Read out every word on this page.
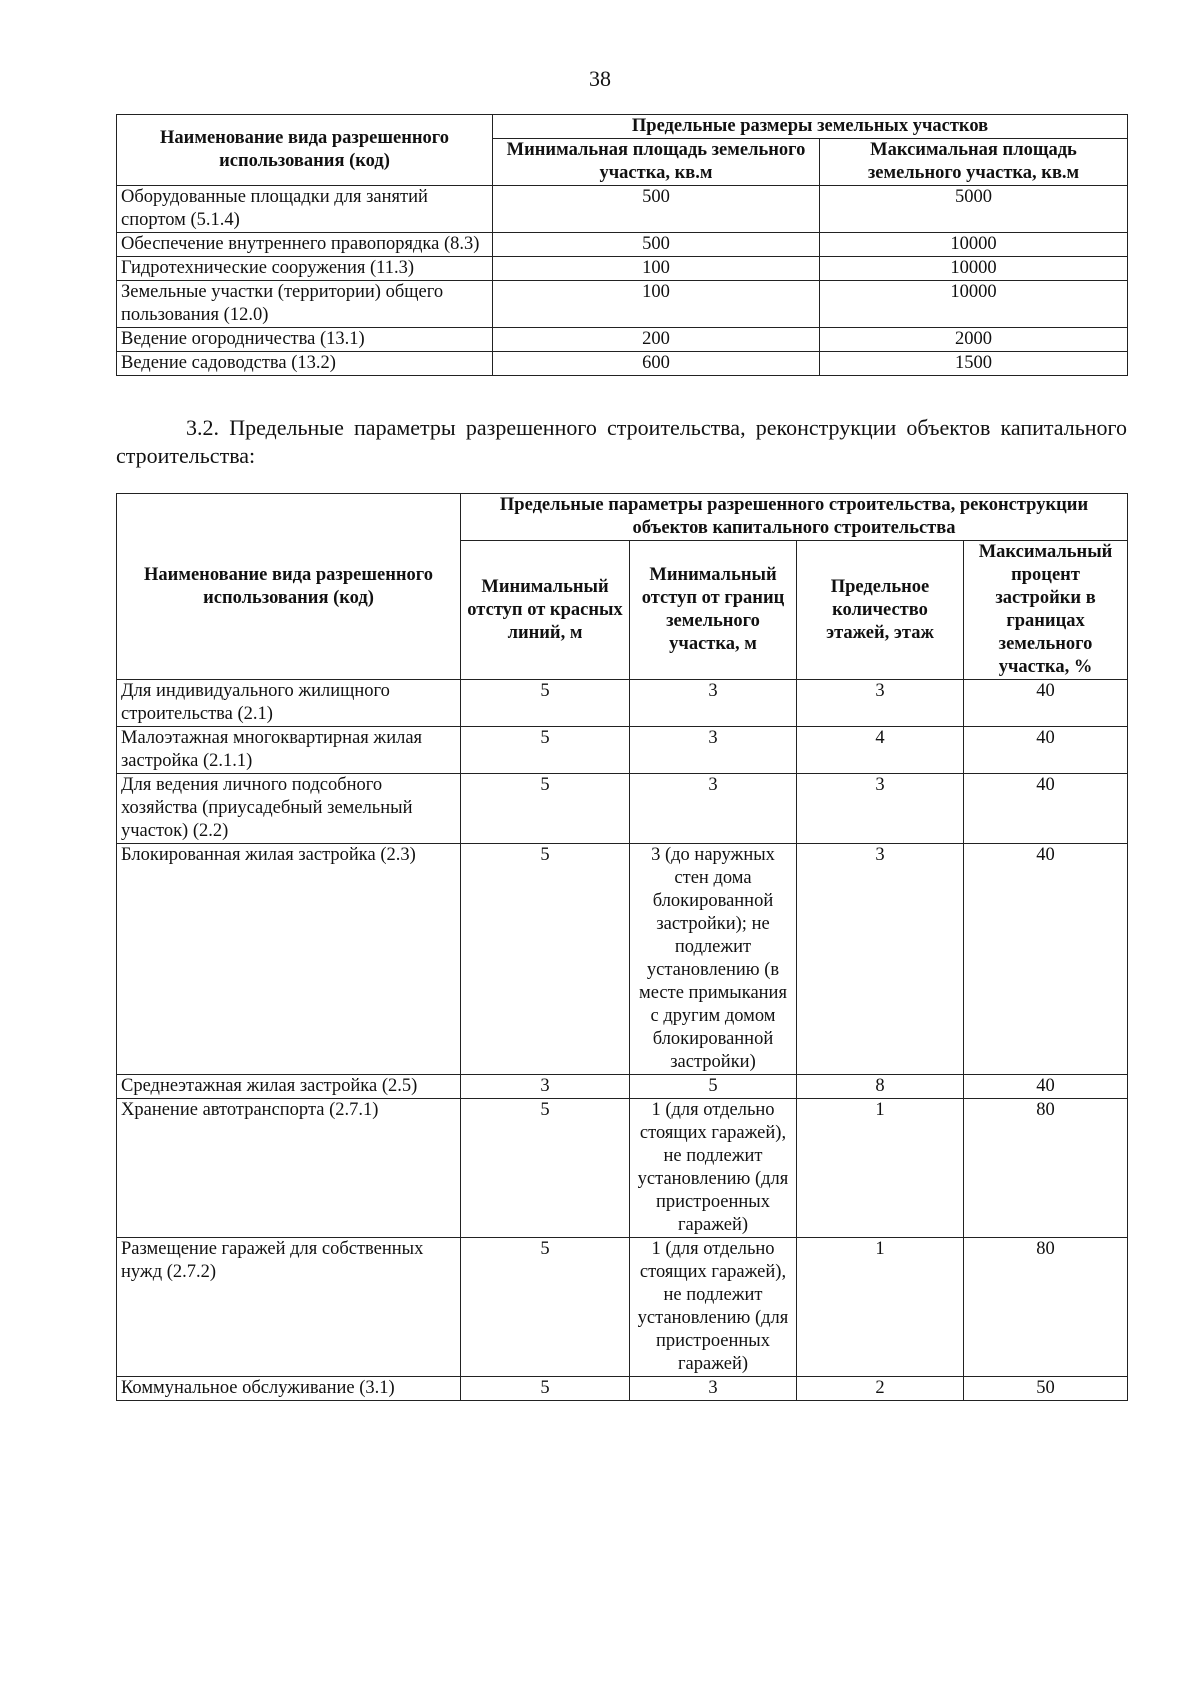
38
Наименование вида разрешенного использования (код)	Предельные размеры земельных участков	
	Минимальная площадь земельного участка, кв.м	Максимальная площадь земельного участка, кв.м
Оборудованные площадки для занятий спортом (5.1.4)	500	5000
Обеспечение внутреннего правопорядка (8.3)	500	10000
Гидротехнические сооружения (11.3)	100	10000
Земельные участки (территории) общего пользования (12.0)	100	10000
Ведение огородничества (13.1)	200	2000
Ведение садоводства (13.2)	600	1500
3.2. Предельные параметры разрешенного строительства, реконструкции объектов капитального строительства:
Наименование вида разрешенного использования (код)	Предельные параметры разрешенного строительства, реконструкции объектов капитального строительства			
	Минимальный отступ от красных линий, м	Минимальный отступ от границ земельного участка, м	Предельное количество этажей, этаж	Максимальный процент застройки в границах земельного участка, %
Для индивидуального жилищного строительства (2.1)	5	3	3	40
Малоэтажная многоквартирная жилая застройка (2.1.1)	5	3	4	40
Для ведения личного подсобного хозяйства (приусадебный земельный участок) (2.2)	5	3	3	40
Блокированная жилая застройка (2.3)	5	3 (до наружных стен дома блокированной застройки); не подлежит установлению (в месте примыкания с другим домом блокированной застройки)	3	40
Среднеэтажная жилая застройка (2.5)	3	5	8	40
Хранение автотранспорта (2.7.1)	5	1 (для отдельно стоящих гаражей), не подлежит установлению (для пристроенных гаражей)	1	80
Размещение гаражей для собственных нужд (2.7.2)	5	1 (для отдельно стоящих гаражей), не подлежит установлению (для пристроенных гаражей)	1	80
Коммунальное обслуживание (3.1)	5	3	2	50
